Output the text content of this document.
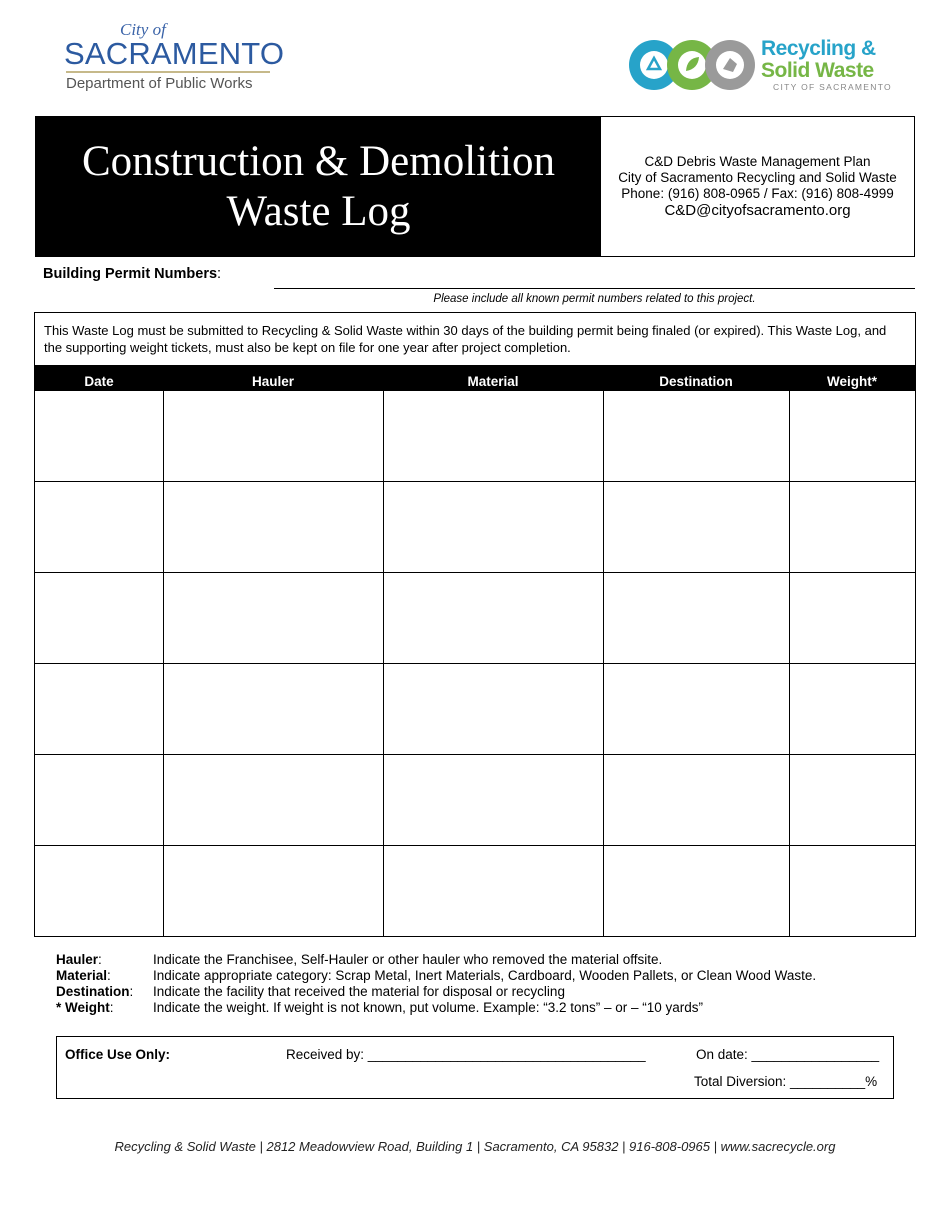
City of
SACRAMENTO
Department of Public Works
Recycling &
Solid Waste
CITY OF SACRAMENTO
Construction & Demolition
Waste Log
C&D Debris Waste Management Plan
City of Sacramento Recycling and Solid Waste
Phone: (916) 808-0965 / Fax: (916) 808-4999
C&D@cityofsacramento.org
Building Permit Numbers:
Please include all known permit numbers related to this project.
This Waste Log must be submitted to Recycling & Solid Waste within 30 days of the building permit being finaled (or expired). This Waste Log, and the supporting weight tickets, must also be kept on file for one year after project completion.
Date	Hauler	Material	Destination	Weight*
Hauler:	Indicate the Franchisee, Self-Hauler or other hauler who removed the material offsite.
Material:	Indicate appropriate category: Scrap Metal, Inert Materials, Cardboard, Wooden Pallets, or Clean Wood Waste.
Destination: Indicate the facility that received the material for disposal or recycling
* Weight:	Indicate the weight. If weight is not known, put volume. Example: “3.2 tons” – or – “10 yards”
Office Use Only:	Received by: _____________________________________	On date: _________________
Total Diversion: __________%
Recycling & Solid Waste | 2812 Meadowview Road, Building 1 | Sacramento, CA 95832 | 916-808-0965 | www.sacrecycle.org
